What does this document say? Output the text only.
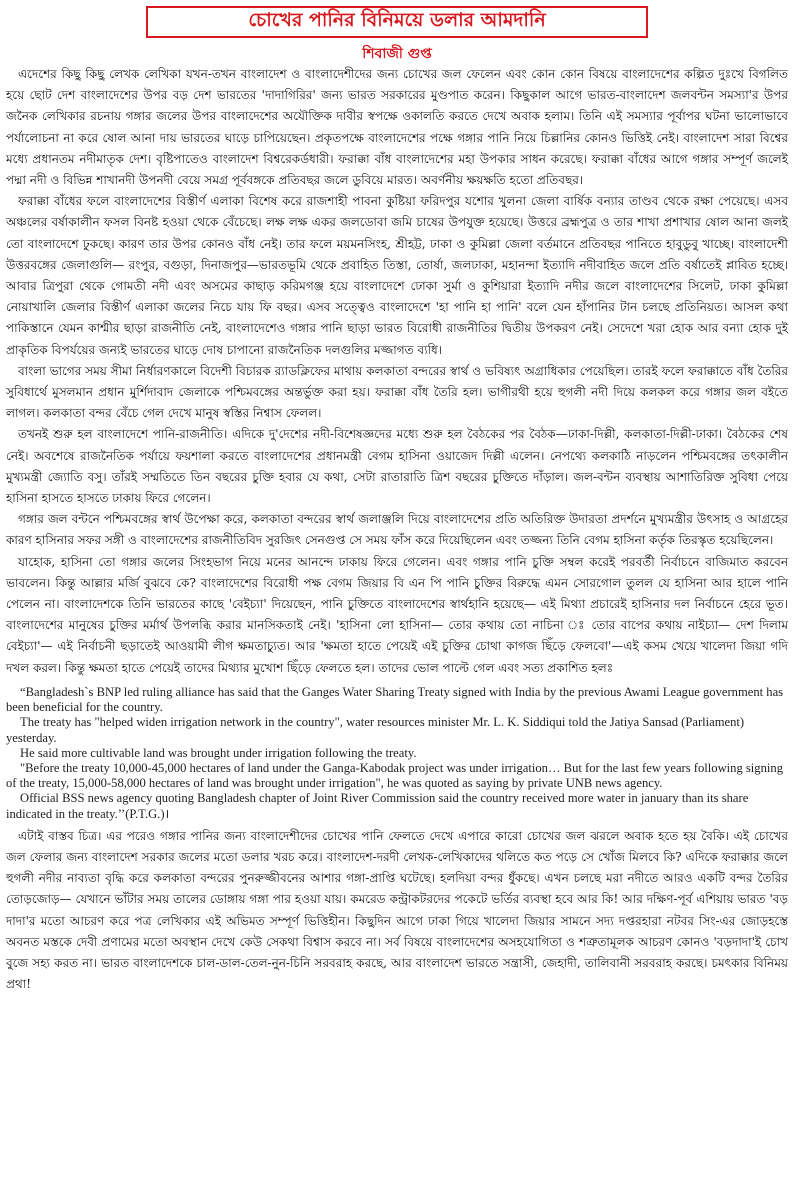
চোখের পানির বিনিময়ে ডলার আমদানি
শিবাজী গুপ্ত

এদেশের কিছু কিছু লেখক লেখিকা যখন-তখন বাংলাদেশ ও বাংলাদেশীদের জন্য চোখের জল ফেলেন এবং কোন কোন বিষয়ে বাংলাদেশের কল্পিত দুঃখে বিগলিত হয়ে ছোট দেশ বাংলাদেশের উপর বড় দেশ ভারতের 'দাদাগিরির' জন্য ভারত সরকারের মুণ্ডপাত করেন। কিছুকাল আগে ভারত-বাংলাদেশ জলবন্টন সমস্যা'র উপর জনৈক লেখিকার রচনায় গঙ্গার জলের উপর বাংলাদেশের অযৌক্তিক দাবীর স্বপক্ষে ওকালতি করতে দেখে অবাক হলাম। তিনি এই সমস্যার পূর্বাপর ঘটনা ভালোভাবে পর্যালোচনা না করে ষোল আনা দায় ভারতের ঘাড়ে চাপিয়েছেন। প্রকৃতপক্ষে বাংলাদেশের পক্ষে গঙ্গার পানি নিয়ে চিল্লানির কোনও ভিত্তিই নেই। বাংলাদেশ সারা বিশ্বের মধ্যে প্রধানতম নদীমাতৃক দেশ। বৃষ্টিপাতেও বাংলাদেশ বিশ্বরেকর্ডধারী। ফরাক্কা বাঁধ বাংলাদেশের মহা উপকার সাধন করেছে। ফরাক্কা বাঁধের আগে গঙ্গার সম্পূর্ণ জলেই পদ্মা নদী ও বিভিন্ন শাখানদী উপনদী বেয়ে সমগ্র পূর্ববঙ্গকে প্রতিবছর জলে ডুবিয়ে মারত। অবর্ণনীয় ক্ষয়ক্ষতি হতো প্রতিবছর।

ফরাক্কা বাঁধের ফলে বাংলাদেশের বিস্তীর্ণ এলাকা বিশেষ করে রাজশাহী পাবনা কুষ্টিয়া ফরিদপুর যশোর খুলনা জেলা বার্ষিক বন্যার তাণ্ডব থেকে রক্ষা পেয়েছে। এসব অঞ্চলের বর্ষাকালীন ফসল বিনষ্ট হওয়া থেকে বেঁচেছে। লক্ষ লক্ষ একর জলডোবা জমি চাষের উপযুক্ত হয়েছে। উত্তরে ব্রহ্মপুত্র ও তার শাখা প্রশাখার ষোল আনা জলই তো বাংলাদেশে ঢুকছে। কারণ তার উপর কোনও বাঁধ নেই। তার ফলে ময়মনসিংহ, শ্রীহট্ট, ঢাকা ও কুমিল্লা জেলা বর্তমানে প্রতিবছর পানিতে হাবুডুবু খাচ্ছে। বাংলাদেশী উত্তরবঙ্গের জেলাগুলি— রংপুর, বগুড়া, দিনাজপুর—ভারতভূমি থেকে প্রবাহিত তিস্তা, তোর্ষা, জলঢাকা, মহানন্দা ইত্যাদি নদীবাহিত জলে প্রতি বর্ষাতেই প্লাবিত হচ্ছে। আবার ত্রিপুরা থেকে গোমতী নদী এবং অসমের কাছাড় করিমগঞ্জ হয়ে বাংলাদেশে ঢোকা সুর্মা ও কুশিয়ারা ইত্যাদি নদীর জলে বাংলাদেশের সিলেট, ঢাকা কুমিল্লা নোয়াখালি জেলার বিস্তীর্ণ এলাকা জলের নিচে যায় ফি বছর। এসব সত্ত্বেও বাংলাদেশে 'হা পানি হা পানি' বলে যেন হাঁপানির টান চলছে প্রতিনিয়ত। আসল কথা পাকিস্তানে যেমন কাশ্মীর ছাড়া রাজনীতি নেই, বাংলাদেশেও গঙ্গার পানি ছাড়া ভারত বিরোধী রাজনীতির দ্বিতীয় উপকরণ নেই। সেদেশে খরা হোক আর বন্যা হোক দুই প্রাকৃতিক বিপর্যয়ের জন্যই ভারতের ঘাড়ে দোষ চাপানো রাজনৈতিক দলগুলির মজ্জাগত ব্যধি।

বাংলা ভাগের সময় সীমা নির্ধারণকালে বিদেশী বিচারক র‍্যাডক্লিফের মাথায় কলকাতা বন্দরের স্বার্থ ও ভবিষ্যৎ অগ্রাধিকার পেয়েছিল। তারই ফলে ফরাক্কাতে বাঁধ তৈরির সুবিধার্থে মুসলমান প্রধান মুর্শিদাবাদ জেলাকে পশ্চিমবঙ্গের অন্তর্ভুক্ত করা হয়। ফরাক্কা বাঁধ তৈরি হল। ভাগীরথী হয়ে হুগলী নদী দিয়ে কলকল করে গঙ্গার জল বইতে লাগল। কলকাতা বন্দর বেঁচে গেল দেখে মানুষ স্বস্তির নিশ্বাস ফেলল।

তখনই শুরু হল বাংলাদেশে পানি-রাজনীতি। এদিকে দু'দেশের নদী-বিশেষজ্ঞদের মধ্যে শুরু হল বৈঠকের পর বৈঠক—ঢাকা-দিল্লী, কলকাতা-দিল্লী-ঢাকা। বৈঠকের শেষ নেই। অবশেষে রাজনৈতিক পর্যায়ে ফয়শালা করতে বাংলাদেশের প্রধানমন্ত্রী বেগম হাসিনা ওয়াজেদ দিল্লী এলেন। নেপথ্যে কলকাঠি নাড়লেন পশ্চিমবঙ্গের তৎকালীন মুখ্যমন্ত্রী জ্যোতি বসু। তাঁরই সম্মতিতে তিন বছরের চুক্তি হবার যে কথা, সেটা রাতারাতি ত্রিশ বছরের চুক্তিতে দাঁড়াল। জল-বন্টন ব্যবস্থায় আশাতিরিক্ত সুবিধা পেয়ে হাসিনা হাসতে হাসতে ঢাকায় ফিরে গেলেন।

গঙ্গার জল বন্টনে পশ্চিমবঙ্গের স্বার্থ উপেক্ষা করে, কলকাতা বন্দরের স্বার্থ জলাঞ্জলি দিয়ে বাংলাদেশের প্রতি অতিরিক্ত উদারতা প্রদর্শনে মুখ্যমন্ত্রীর উৎসাহ ও আগ্রহের কারণ হাসিনার সফর সঙ্গী ও বাংলাদেশের রাজনীতিবিদ সুরজিৎ সেনগুপ্ত সে সময় ফাঁস করে দিয়েছিলেন এবং তজ্জন্য তিনি বেগম হাসিনা কর্তৃক তিরস্কৃত হয়েছিলেন।

যাহোক, হাসিনা তো গঙ্গার জলের সিংহভাগ নিয়ে মনের আনন্দে ঢাকায় ফিরে গেলেন। এবং গঙ্গার পানি চুক্তি সম্বল করেই পরবর্তী নির্বাচনে বাজিমাত করবেন ভাবলেন। কিন্তু আল্লার মর্জি বুঝবে কে? বাংলাদেশের বিরোধী পক্ষ বেগম জিয়ার বি এন পি পানি চুক্তির বিরুদ্ধে এমন সোরগোল তুলল যে হাসিনা আর হালে পানি পেলেন না। বাংলাদেশকে তিনি ভারতের কাছে 'বেইচ্যা' দিয়েছেন, পানি চুক্তিতে বাংলাদেশের স্বার্থহানি হয়েছে— এই মিথ্যা প্রচারেই হাসিনার দল নির্বাচনে হেরে ভূত। বাংলাদেশের মানুষের চুক্তির মর্মার্থ উপলব্ধি করার মানসিকতাই নেই। 'হাসিনা লো হাসিনা— তোর কথায় তো নাচিনা ঃ তোর বাপের কথায় নাইচ্যা— দেশ দিলাম বেইচ্যা'— এই নির্বাচনী ছড়াতেই আওয়ামী লীগ ক্ষমতাচ্যুত। আর 'ক্ষমতা হাতে পেয়েই এই চুক্তির চোথা কাগজ ছিঁড়ে ফেলবো'—এই কসম খেয়ে খালেদা জিয়া গদি দখল করল। কিন্তু ক্ষমতা হাতে পেয়েই তাদের মিথ্যার মুখোশ ছিঁড়ে ফেলতে হল। তাদের ভোল পাল্টে গেল এবং সত্য প্রকাশিত হলঃ

“Bangladesh`s BNP led ruling alliance has said that the Ganges Water Sharing Treaty signed with India by the previous Awami League government has been beneficial for the country.

The treaty has "helped widen irrigation network in the country", water resources minister Mr. L. K. Siddiqui told the Jatiya Sansad (Parliament) yesterday.

He said more cultivable land was brought under irrigation following the treaty.

"Before the treaty 10,000-45,000 hectares of land under the Ganga-Kabodak project was under irrigation… But for the last few years following signing of the treaty, 15,000-58,000 hectares of land was brought under irrigation", he was quoted as saying by private UNB news agency.

Official BSS news agency quoting Bangladesh chapter of Joint River Commission said the country received more water in january than its share indicated in the treaty.’’(P.T.G.)।

এটাই বাস্তব চিত্র। এর পরেও গঙ্গার পানির জন্য বাংলাদেশীদের চোখের পানি ফেলতে দেখে এপারে কারো চোখের জল ঝরলে অবাক হতে হয় বৈকি। এই চোখের জল ফেলার জন্য বাংলাদেশ সরকার জলের মতো ডলার খরচ করে। বাংলাদেশ-দরদী লেখক-লেখিকাদের থলিতে কত পড়ে সে খোঁজ মিলবে কি? এদিকে ফরাক্কার জলে হুগলী নদীর নাব্যতা বৃদ্ধি করে কলকাতা বন্দরের পুনরুজ্জীবনের আশার গঙ্গা-প্রাপ্তি ঘটেছে। হলদিয়া বন্দর ধুঁকছে। এখন চলছে মরা নদীতে আরও একটি বন্দর তৈরির তোড়জোড়— যেখানে ভাঁটার সময় তালের ডোঙ্গায় গঙ্গা পার হওয়া যায়। কমরেড কন্ট্রাকটরদের পকেটে ভর্তির ব্যবস্থা হবে আর কি! আর দক্ষিণ-পূর্ব এশিয়ায় ভারত 'বড় দাদা'র মতো আচরণ করে পত্র লেখিকার এই অভিমত সম্পূর্ণ ভিত্তিহীন। কিছুদিন আগে ঢাকা গিয়ে খালেদা জিয়ার সামনে সদ্য দপ্তরহারা নটবর সিং-এর জোড়হস্তে অবনত মস্তকে দেবী প্রণামের মতো অবস্থান দেখে কেউ সেকথা বিশ্বাস করবে না। সর্ব বিষয়ে বাংলাদেশের অসহযোগিতা ও শত্রুতামূলক আচরণ কোনও 'বড়দাদা'ই চোখ বুজে সহ্য করত না। ভারত বাংলাদেশকে চাল-ডাল-তেল-নুন-চিনি সরবরাহ করছে, আর বাংলাদেশ ভারতে সন্ত্রাসী, জেহাদী, তালিবানী সরবরাহ করছে। চমৎকার বিনিময় প্রথা!
